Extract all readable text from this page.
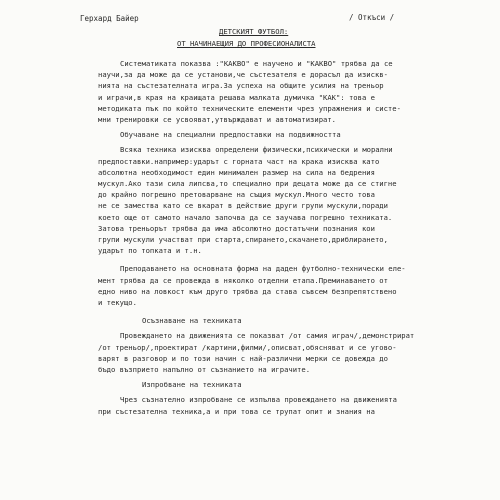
Герхард Байер	/ Откъси /
ДЕТСКИЯТ ФУТБОЛ:
ОТ НАЧИНАЕЩИЯ ДО ПРОФЕСИОНАЛИСТА

Систематиката показва :"КАКВО" е научено и "КАКВО" трябва да се
научи,за да може да се установи,че състезателя е дорасъл да изискв-
нията на състезателната игра.За успеха на общите усилия на треньор
и играчи,в края на краищата решава малката думичка "КАК": това е
методиката пък по който техническите елементи чрез упражнения и систе-
мни тренировки се усвояват,утвърждават и автоматизират.

Обучаване на специални предпоставки на подвижността

Всяка техника изисква определени физически,психически и морални
предпоставки.например:ударът с горната част на крака изисква като
абсолютна необходимост един минимален размер на сила на бедрения
мускул.Ако тази сила липсва,то специално при децата може да се стигне
до крайно погрешно претоварване на същия мускул.Много често това
не се замества като се вкарат в действие други групи мускули,поради
което още от самото начало започва да се заучава погрешно техниката.
Затова треньорът трябва да има абсолютно достатъчни познания кои
групи мускули участват при старта,спирането,скачането,дриблирането,
ударът по топката и т.н.

Преподаването на основната форма на даден футболно-технически еле-
мент трябва да се провежда в няколко отделни етапа.Преминаването от
едно ниво на ловкост към друго трябва да става съвсем безпрепятствено
и текущо.

Осъзнаване на техниката

Провеждането на движенията се показват /от самия играч/,демонстрират
/от треньор/,проектират /картини,филми/,описват,обясняват и се угово-
варят в разговор и по този начин с най-различни мерки се довежда до
бъдо възприето напълно от съзнанието на играчите.

Изпробване на техниката

Чрез съзнателно изпробване се изпълва провеждането на движенията
при състезателна техника,а и при това се трупат опит и знания на
